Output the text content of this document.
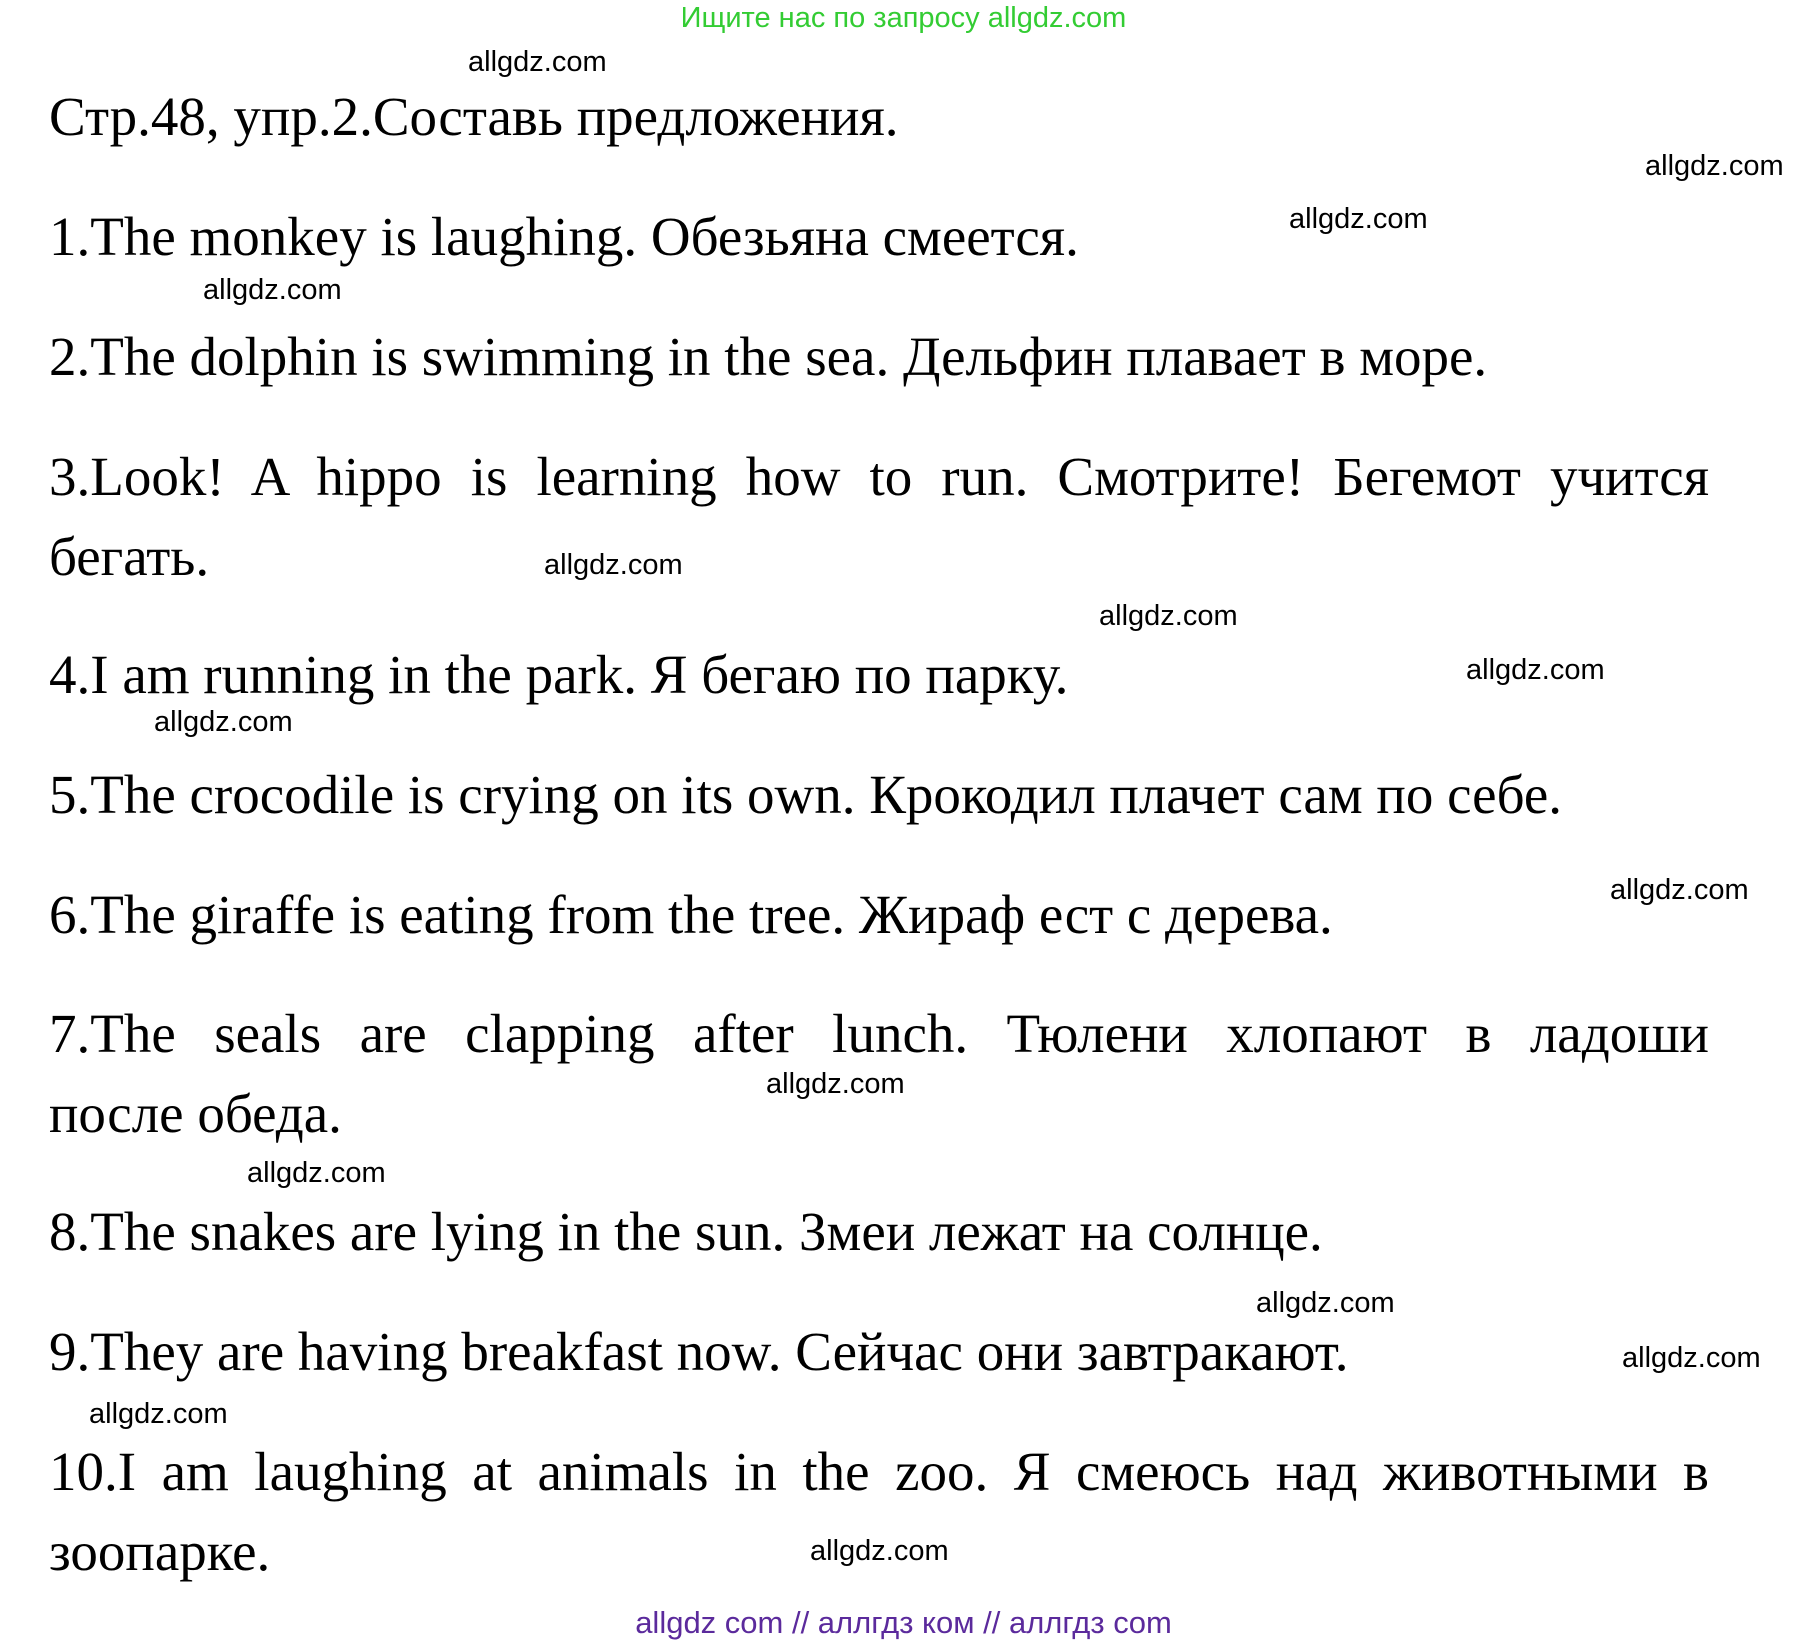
Ищите нас по запросу allgdz.com
Стр.48, упр.2.Составь предложения.
1.The monkey is laughing. Обезьяна смеется.
2.The dolphin is swimming in the sea. Дельфин плавает в море.
3.Look! A hippo is learning how to run. Смотрите! Бегемот учится
бегать.
4.I am running in the park. Я бегаю по парку.
5.The crocodile is crying on its own. Крокодил плачет сам по себе.
6.The giraffe is eating from the tree. Жираф ест с дерева.
7.The seals are clapping after lunch. Тюлени хлопают в ладоши
после обеда.
8.The snakes are lying in the sun. Змеи лежат на солнце.
9.They are having breakfast now. Сейчас они завтракают.
10.I am laughing at animals in the zoo. Я смеюсь над животными в
зоопарке.
allgdz.com
allgdz.com
allgdz.com
allgdz.com
allgdz.com
allgdz.com
allgdz.com
allgdz.com
allgdz.com
allgdz.com
allgdz.com
allgdz.com
allgdz.com
allgdz.com
allgdz.com
allgdz com // аллгдз ком // аллгдз com
